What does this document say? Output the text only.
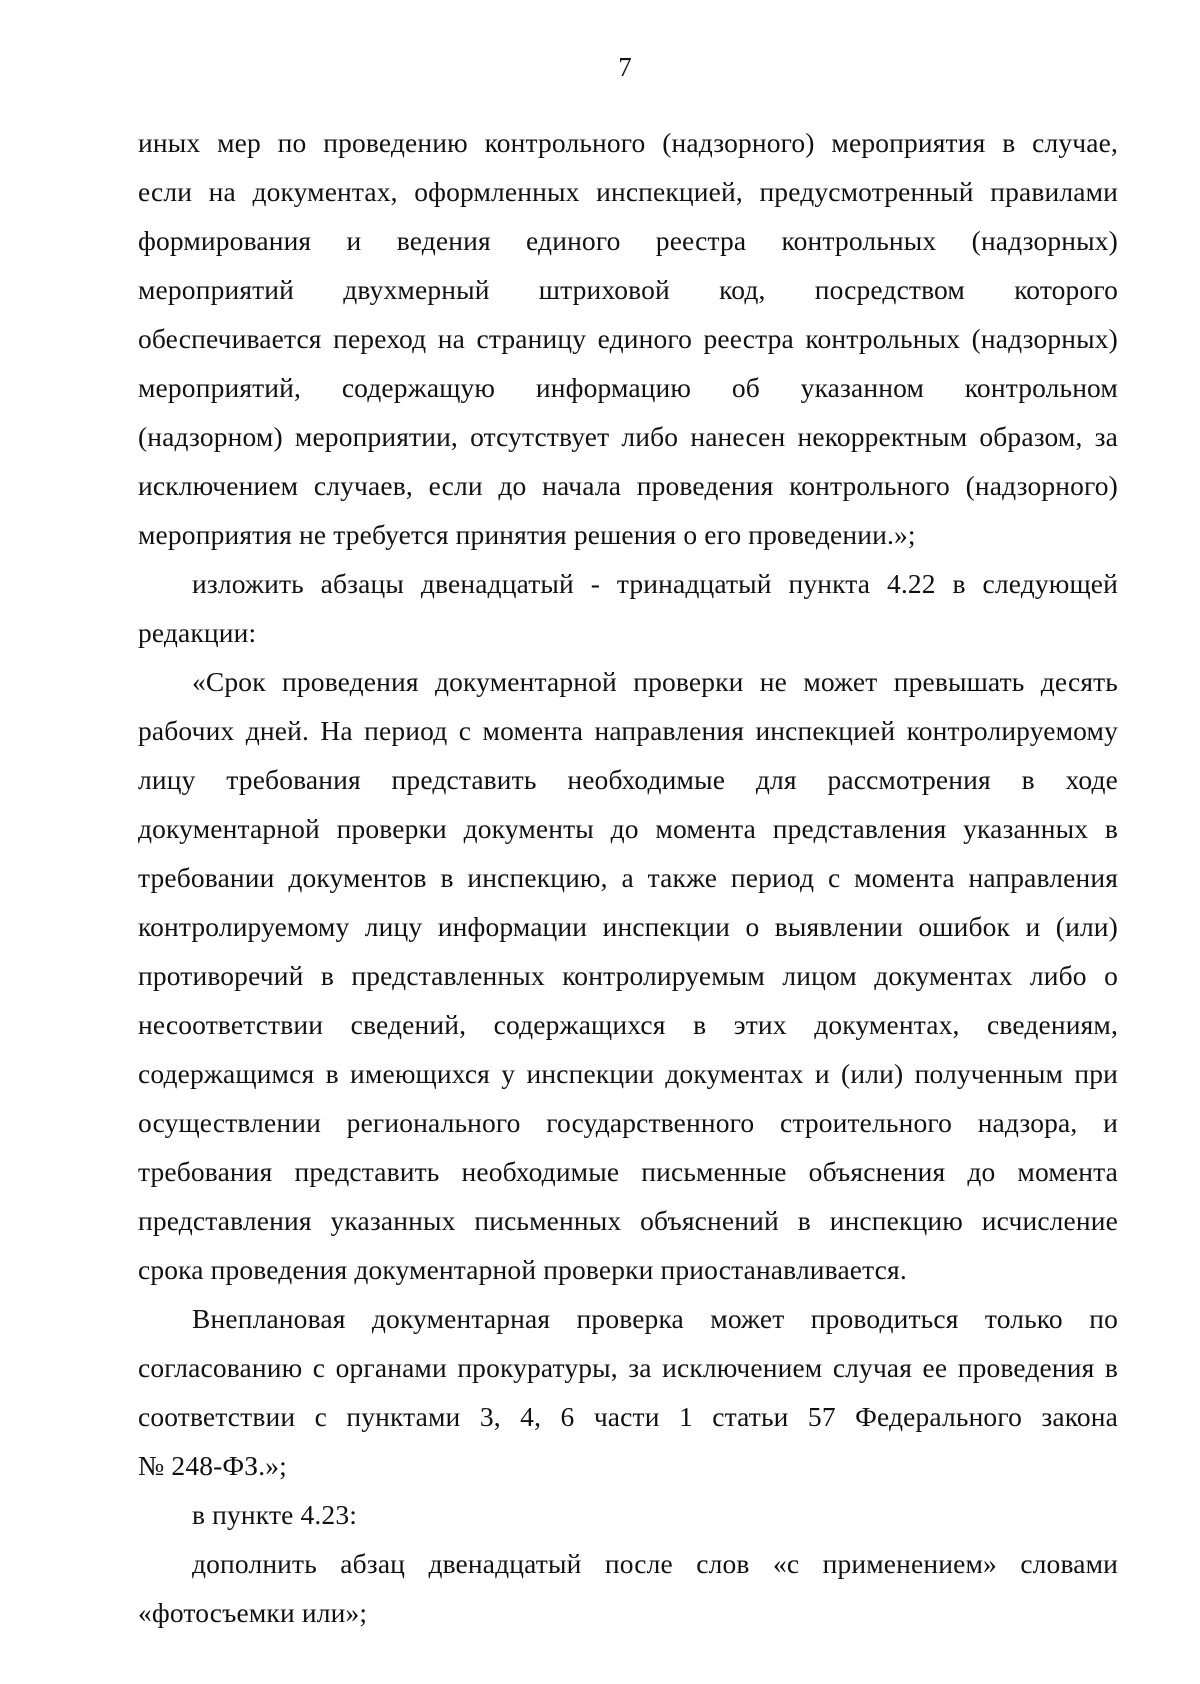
7
иных мер по проведению контрольного (надзорного) мероприятия в случае,
если на документах, оформленных инспекцией, предусмотренный правилами
формирования и ведения единого реестра контрольных (надзорных)
мероприятий двухмерный штриховой код, посредством которого
обеспечивается переход на страницу единого реестра контрольных (надзорных)
мероприятий, содержащую информацию об указанном контрольном
(надзорном) мероприятии, отсутствует либо нанесен некорректным образом, за
исключением случаев, если до начала проведения контрольного (надзорного)
мероприятия не требуется принятия решения о его проведении.»;
изложить абзацы двенадцатый - тринадцатый пункта 4.22 в следующей
редакции:
«Срок проведения документарной проверки не может превышать десять
рабочих дней. На период с момента направления инспекцией контролируемому
лицу требования представить необходимые для рассмотрения в ходе
документарной проверки документы до момента представления указанных в
требовании документов в инспекцию, а также период с момента направления
контролируемому лицу информации инспекции о выявлении ошибок и (или)
противоречий в представленных контролируемым лицом документах либо о
несоответствии сведений, содержащихся в этих документах, сведениям,
содержащимся в имеющихся у инспекции документах и (или) полученным при
осуществлении регионального государственного строительного надзора, и
требования представить необходимые письменные объяснения до момента
представления указанных письменных объяснений в инспекцию исчисление
срока проведения документарной проверки приостанавливается.
Внеплановая документарная проверка может проводиться только по
согласованию с органами прокуратуры, за исключением случая ее проведения в
соответствии с пунктами 3, 4, 6 части 1 статьи 57 Федерального закона
№ 248-ФЗ.»;
в пункте 4.23:
дополнить абзац двенадцатый после слов «с применением» словами
«фотосъемки или»;
